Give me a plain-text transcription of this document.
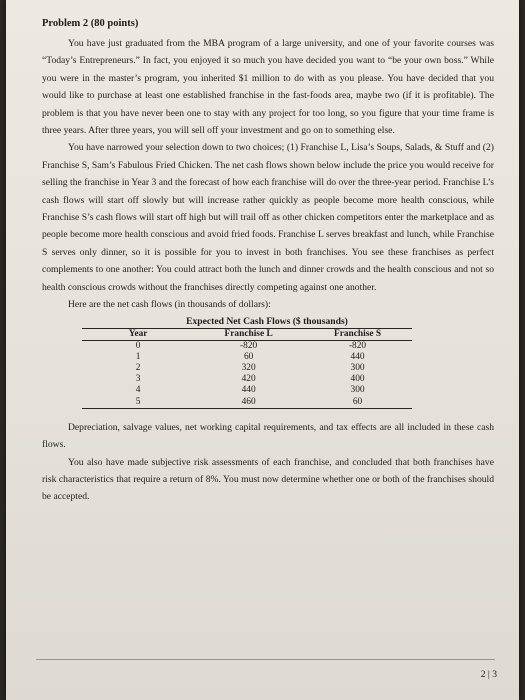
Problem 2 (80 points)

You have just graduated from the MBA program of a large university, and one of your favorite courses was “Today’s Entrepreneurs.” In fact, you enjoyed it so much you have decided you want to “be your own boss.” While you were in the master’s program, you inherited $1 million to do with as you please. You have decided that you would like to purchase at least one established franchise in the fast-foods area, maybe two (if it is profitable). The problem is that you have never been one to stay with any project for too long, so you figure that your time frame is three years. After three years, you will sell off your investment and go on to something else.

You have narrowed your selection down to two choices; (1) Franchise L, Lisa’s Soups, Salads, & Stuff and (2) Franchise S, Sam’s Fabulous Fried Chicken. The net cash flows shown below include the price you would receive for selling the franchise in Year 3 and the forecast of how each franchise will do over the three-year period. Franchise L’s cash flows will start off slowly but will increase rather quickly as people become more health conscious, while Franchise S’s cash flows will start off high but will trail off as other chicken competitors enter the marketplace and as people become more health conscious and avoid fried foods. Franchise L serves breakfast and lunch, while Franchise S serves only dinner, so it is possible for you to invest in both franchises. You see these franchises as perfect complements to one another: You could attract both the lunch and dinner crowds and the health conscious and not so health conscious crowds without the franchises directly competing against one another.

Here are the net cash flows (in thousands of dollars):

Expected Net Cash Flows ($ thousands)
Year	Franchise L	Franchise S
0	-820	-820
1	60	440
2	320	300
3	420	400
4	440	300
5	460	60

Depreciation, salvage values, net working capital requirements, and tax effects are all included in these cash flows.

You also have made subjective risk assessments of each franchise, and concluded that both franchises have risk characteristics that require a return of 8%. You must now determine whether one or both of the franchises should be accepted.

2 | 3
